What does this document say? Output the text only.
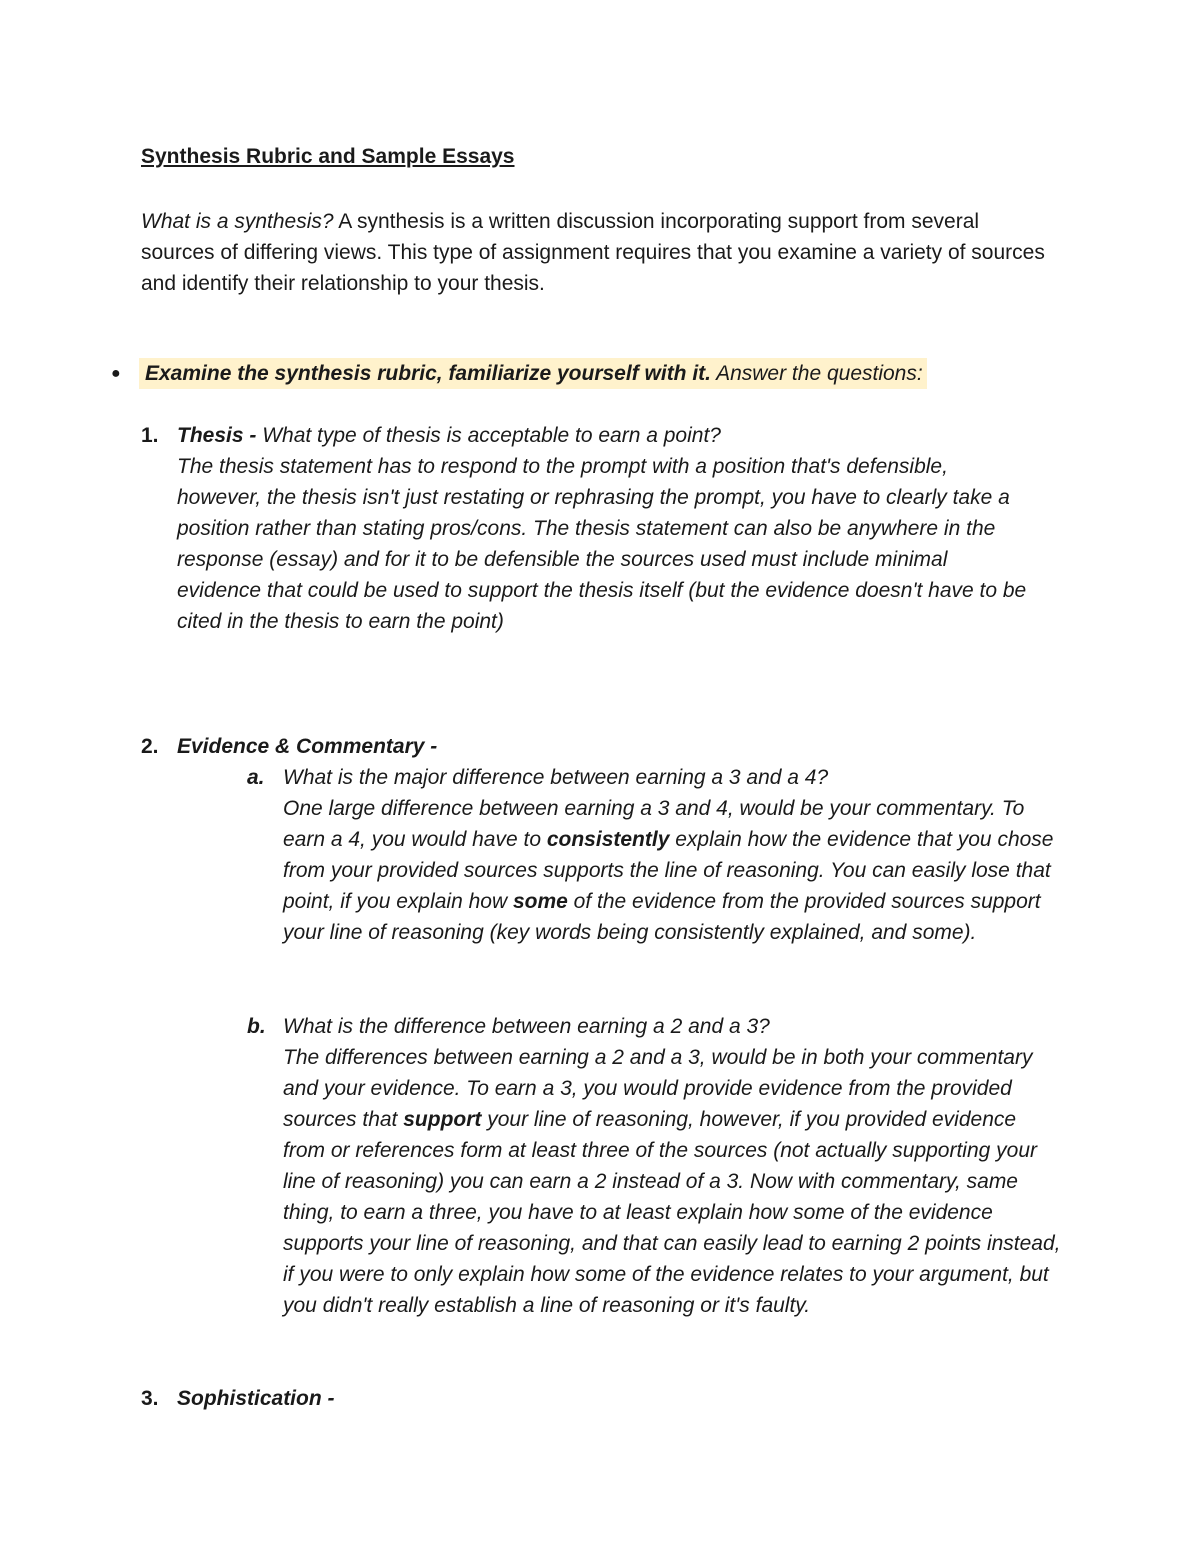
Synthesis Rubric and Sample Essays
What is a synthesis? A synthesis is a written discussion incorporating support from several sources of differing views. This type of assignment requires that you examine a variety of sources and identify their relationship to your thesis.
●	Examine the synthesis rubric, familiarize yourself with it. Answer the questions:
1. Thesis - What type of thesis is acceptable to earn a point?
The thesis statement has to respond to the prompt with a position that's defensible, however, the thesis isn't just restating or rephrasing the prompt, you have to clearly take a position rather than stating pros/cons. The thesis statement can also be anywhere in the response (essay) and for it to be defensible the sources used must include minimal evidence that could be used to support the thesis itself (but the evidence doesn't have to be cited in the thesis to earn the point)
2. Evidence & Commentary -
a. What is the major difference between earning a 3 and a 4?
One large difference between earning a 3 and 4, would be your commentary. To earn a 4, you would have to consistently explain how the evidence that you chose from your provided sources supports the line of reasoning. You can easily lose that point, if you explain how some of the evidence from the provided sources support your line of reasoning (key words being consistently explained, and some).
b. What is the difference between earning a 2 and a 3?
The differences between earning a 2 and a 3, would be in both your commentary and your evidence. To earn a 3, you would provide evidence from the provided sources that support your line of reasoning, however, if you provided evidence from or references form at least three of the sources (not actually supporting your line of reasoning) you can earn a 2 instead of a 3. Now with commentary, same thing, to earn a three, you have to at least explain how some of the evidence supports your line of reasoning, and that can easily lead to earning 2 points instead, if you were to only explain how some of the evidence relates to your argument, but you didn't really establish a line of reasoning or it's faulty.
3. Sophistication -
